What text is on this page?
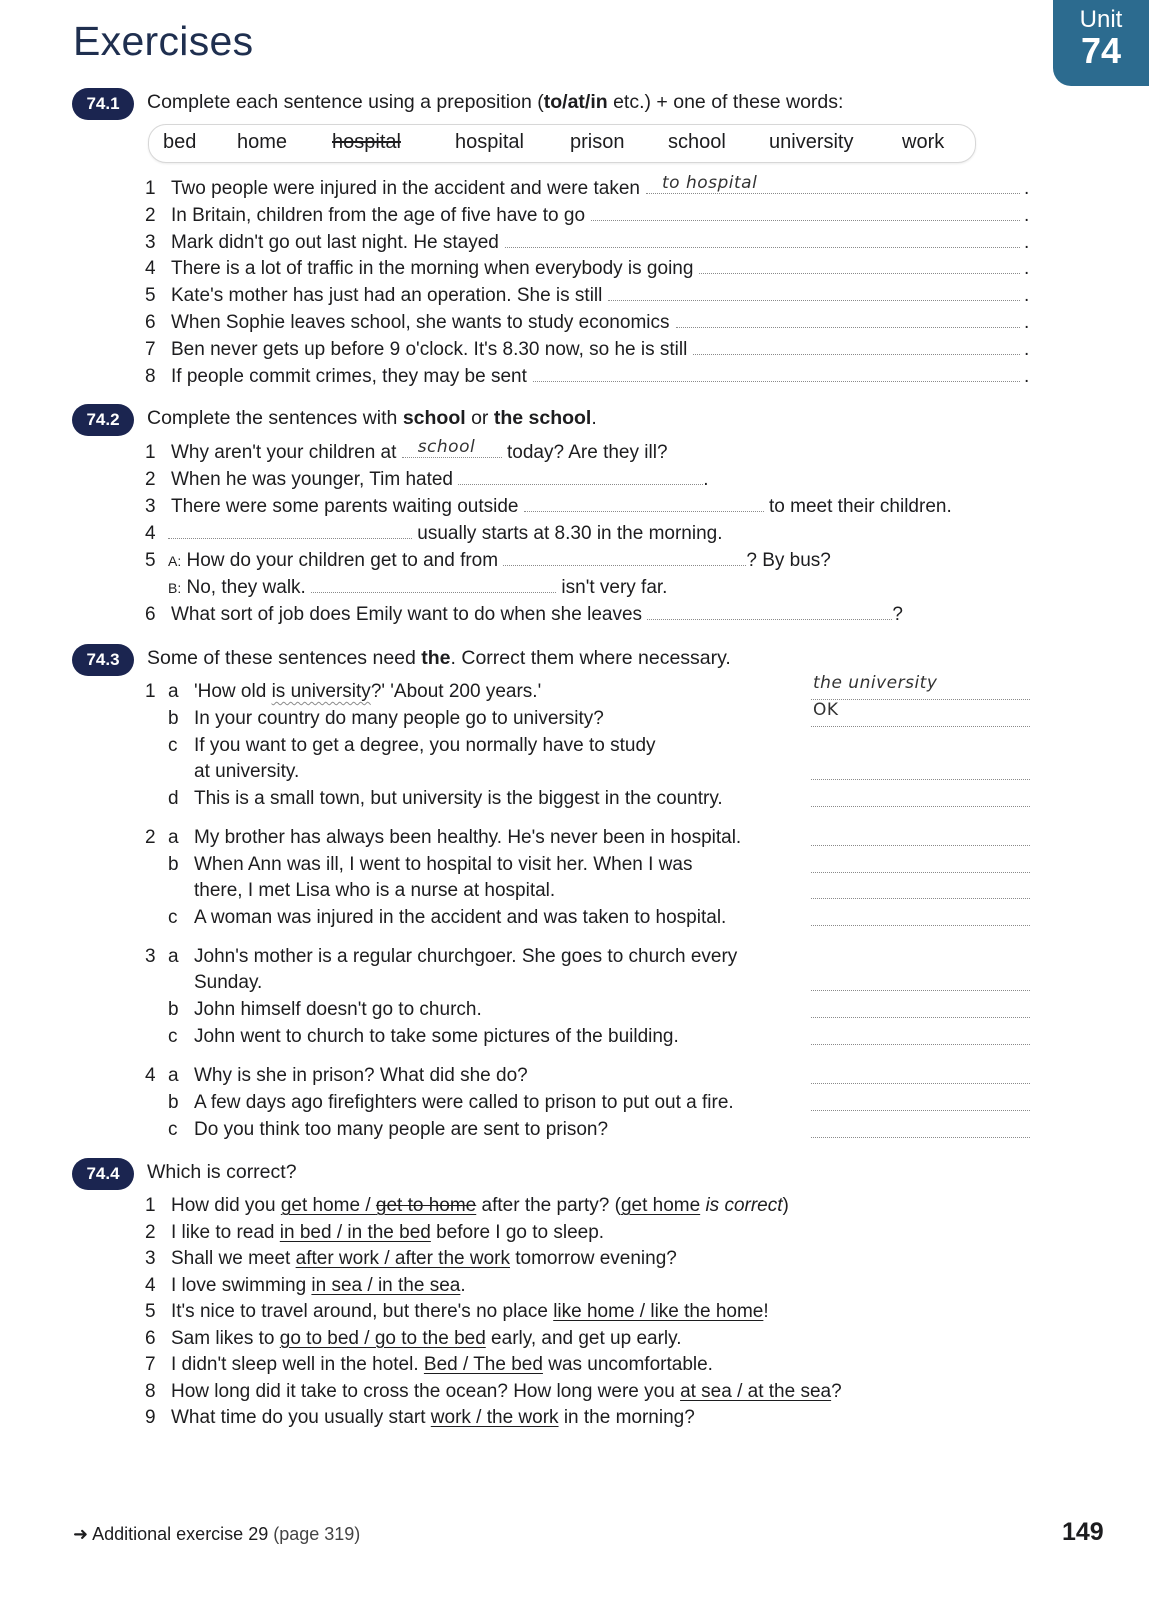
Exercises	Unit
74
74.1	Complete each sentence using a preposition (to/at/in etc.) + one of these words:
bed home hospital	hospital prison school university work
1 Two people were injured in the accident and were taken to hospital	.
2 In Britain, children from the age of five have to go	.
3 Mark didn't go out last night. He stayed	.
4 There is a lot of traffic in the morning when everybody is going	.
5 Kate's mother has just had an operation. She is still	.
6 When Sophie leaves school, she wants to study economics	.
7 Ben never gets up before 9 o'clock. It's 8.30 now, so he is still	.
8 If people commit crimes, they may be sent	.
74.2	Complete the sentences with school or the school.
1 Why aren't your children at school today? Are they ill?
2 When he was younger, Tim hated	.
3 There were some parents waiting outside	to meet their children.
4	usually starts at 8.30 in the morning.
5 A: How do your children get to and from	? By bus?
B: No, they walk.	isn't very far.
6 What sort of job does Emily want to do when she leaves	?
74.3	Some of these sentences need the. Correct them where necessary.
1 a 'How old is university?' 'About 200 years.'	the university
b In your country do many people go to university?	OK
c If you want to get a degree, you normally have to study
at university.
d This is a small town, but university is the biggest in the country.
2 a My brother has always been healthy. He's never been in hospital.
b When Ann was ill, I went to hospital to visit her. When I was
there, I met Lisa who is a nurse at hospital.
c A woman was injured in the accident and was taken to hospital.
3 a John's mother is a regular churchgoer. She goes to church every
Sunday.
b John himself doesn't go to church.
c John went to church to take some pictures of the building.
4 a Why is she in prison? What did she do?
b A few days ago firefighters were called to prison to put out a fire.
c Do you think too many people are sent to prison?
74.4	Which is correct?
1 How did you get home / get to home after the party? (get home is correct)
2 I like to read in bed / in the bed before I go to sleep.
3 Shall we meet after work / after the work tomorrow evening?
4 I love swimming in sea / in the sea.
5 It's nice to travel around, but there's no place like home / like the home!
6 Sam likes to go to bed / go to the bed early, and get up early.
7 I didn't sleep well in the hotel. Bed / The bed was uncomfortable.
8 How long did it take to cross the ocean? How long were you at sea / at the sea?
9 What time do you usually start work / the work in the morning?
➜ Additional exercise 29 (page 319)	149
